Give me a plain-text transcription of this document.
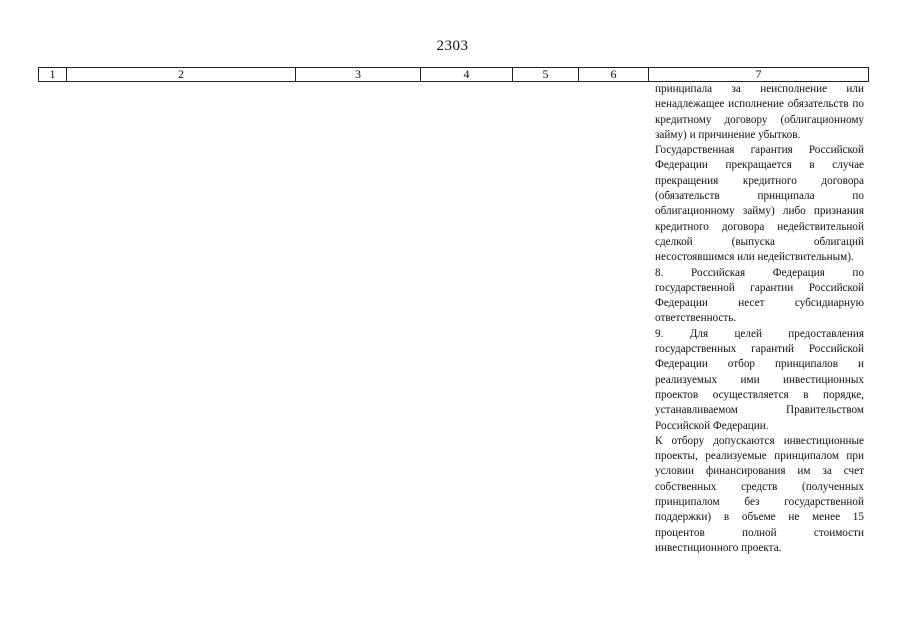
2303
1	2	3	4	5	6	7

принципала за неисполнение или ненадлежащее исполнение обязательств по кредитному договору (облигационному займу) и причинение убытков.

Государственная гарантия Российской Федерации прекращается в случае прекращения кредитного договора (обязательств принципала по облигационному займу) либо признания кредитного договора недействительной сделкой (выпуска облигаций несостоявшимся или недействительным).

8. Российская Федерация по государственной гарантии Российской Федерации несет субсидиарную ответственность.

9. Для целей предоставления государственных гарантий Российской Федерации отбор принципалов и реализуемых ими инвестиционных проектов осуществляется в порядке, устанавливаемом Правительством Российской Федерации.

К отбору допускаются инвестиционные проекты, реализуемые принципалом при условии финансирования им за счет собственных средств (полученных принципалом без государственной поддержки) в объеме не менее 15 процентов полной стоимости инвестиционного проекта.
